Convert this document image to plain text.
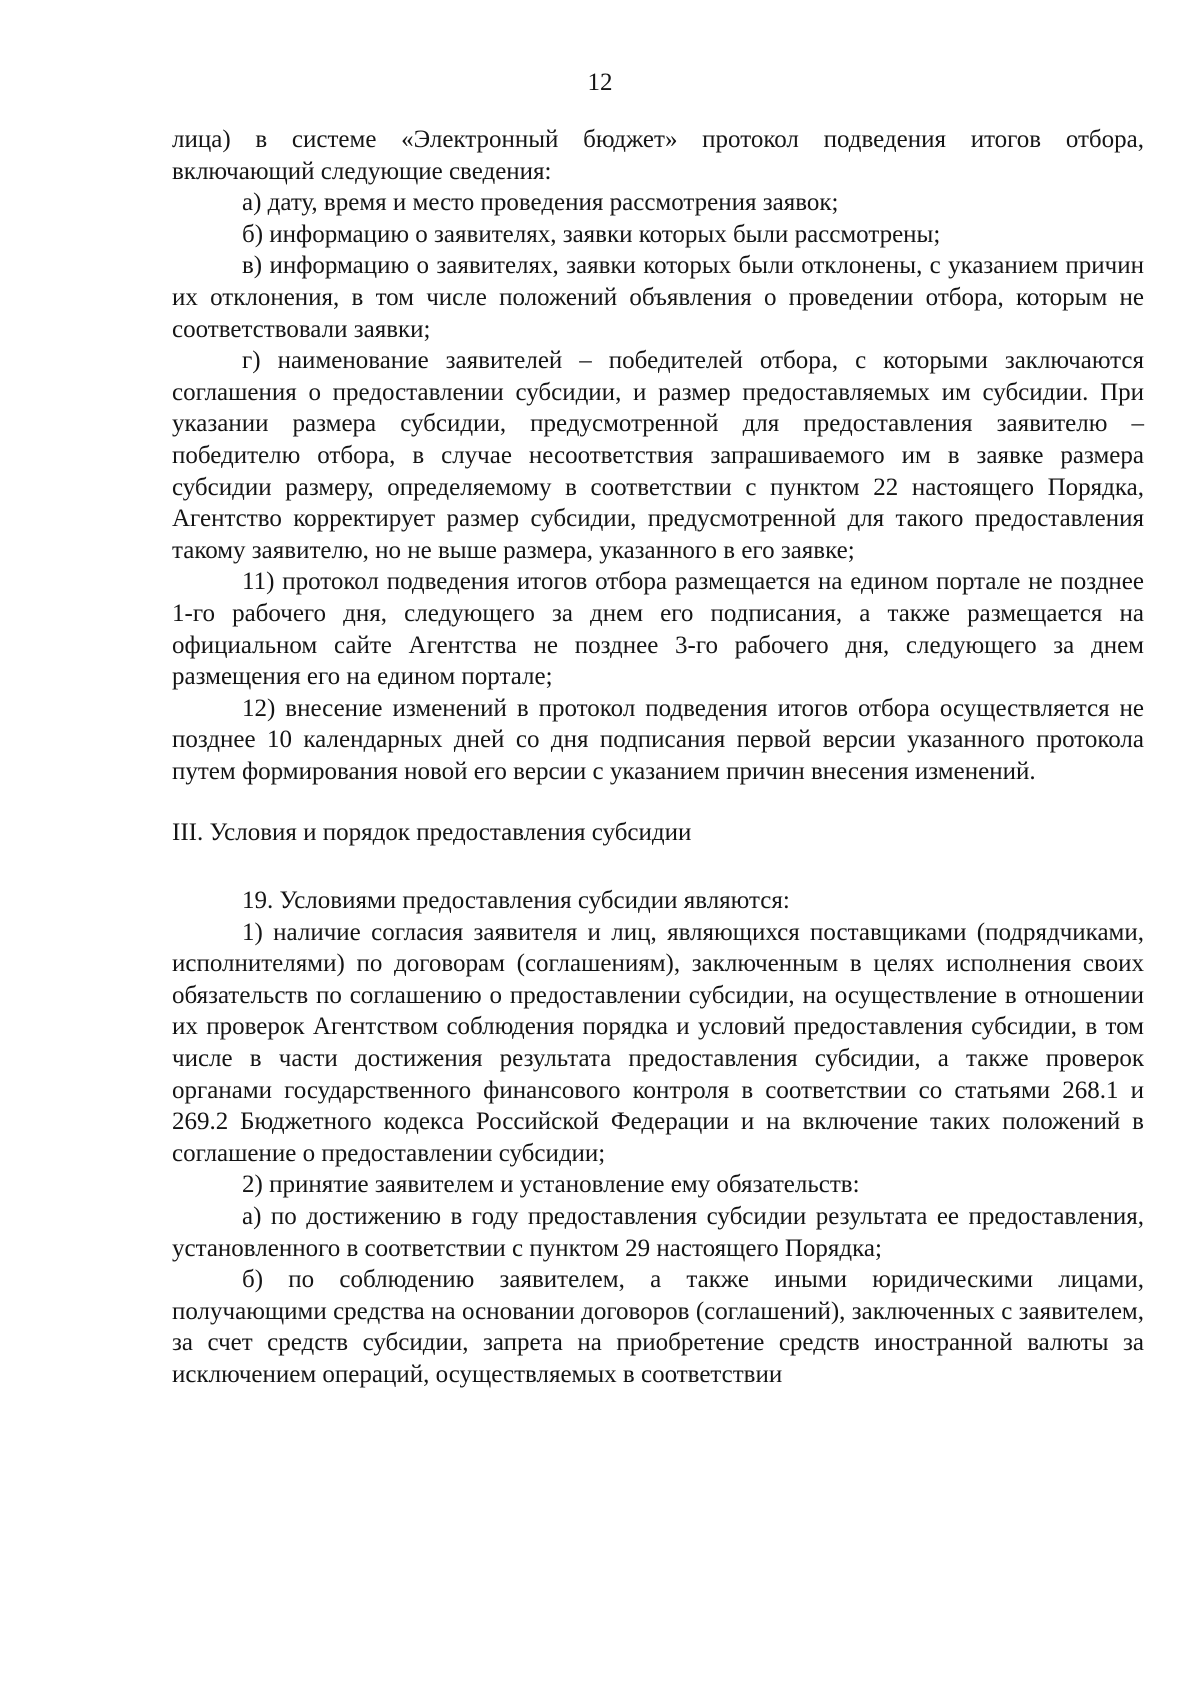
12

лица) в системе «Электронный бюджет» протокол подведения итогов отбора, включающий следующие сведения:

а) дату, время и место проведения рассмотрения заявок;

б) информацию о заявителях, заявки которых были рассмотрены;

в) информацию о заявителях, заявки которых были отклонены, с указанием причин их отклонения, в том числе положений объявления о проведении отбора, которым не соответствовали заявки;

г) наименование заявителей – победителей отбора, с которыми заключаются соглашения о предоставлении субсидии, и размер предоставляемых им субсидии. При указании размера субсидии, предусмотренной для предоставления заявителю – победителю отбора, в случае несоответствия запрашиваемого им в заявке размера субсидии размеру, определяемому в соответствии с пунктом 22 настоящего Порядка, Агентство корректирует размер субсидии, предусмотренной для такого предоставления такому заявителю, но не выше размера, указанного в его заявке;

11) протокол подведения итогов отбора размещается на едином портале не позднее 1-го рабочего дня, следующего за днем его подписания, а также размещается на официальном сайте Агентства не позднее 3-го рабочего дня, следующего за днем размещения его на едином портале;

12) внесение изменений в протокол подведения итогов отбора осуществляется не позднее 10 календарных дней со дня подписания первой версии указанного протокола путем формирования новой его версии с указанием причин внесения изменений.

III. Условия и порядок предоставления субсидии

19. Условиями предоставления субсидии являются:

1) наличие согласия заявителя и лиц, являющихся поставщиками (подрядчиками, исполнителями) по договорам (соглашениям), заключенным в целях исполнения своих обязательств по соглашению о предоставлении субсидии, на осуществление в отношении их проверок Агентством соблюдения порядка и условий предоставления субсидии, в том числе в части достижения результата предоставления субсидии, а также проверок органами государственного финансового контроля в соответствии со статьями 268.1 и 269.2 Бюджетного кодекса Российской Федерации и на включение таких положений в соглашение о предоставлении субсидии;

2) принятие заявителем и установление ему обязательств:

а) по достижению в году предоставления субсидии результата ее предоставления, установленного в соответствии с пунктом 29 настоящего Порядка;

б) по соблюдению заявителем, а также иными юридическими лицами, получающими средства на основании договоров (соглашений), заключенных с заявителем, за счет средств субсидии, запрета на приобретение средств иностранной валюты за исключением операций, осуществляемых в соответствии
